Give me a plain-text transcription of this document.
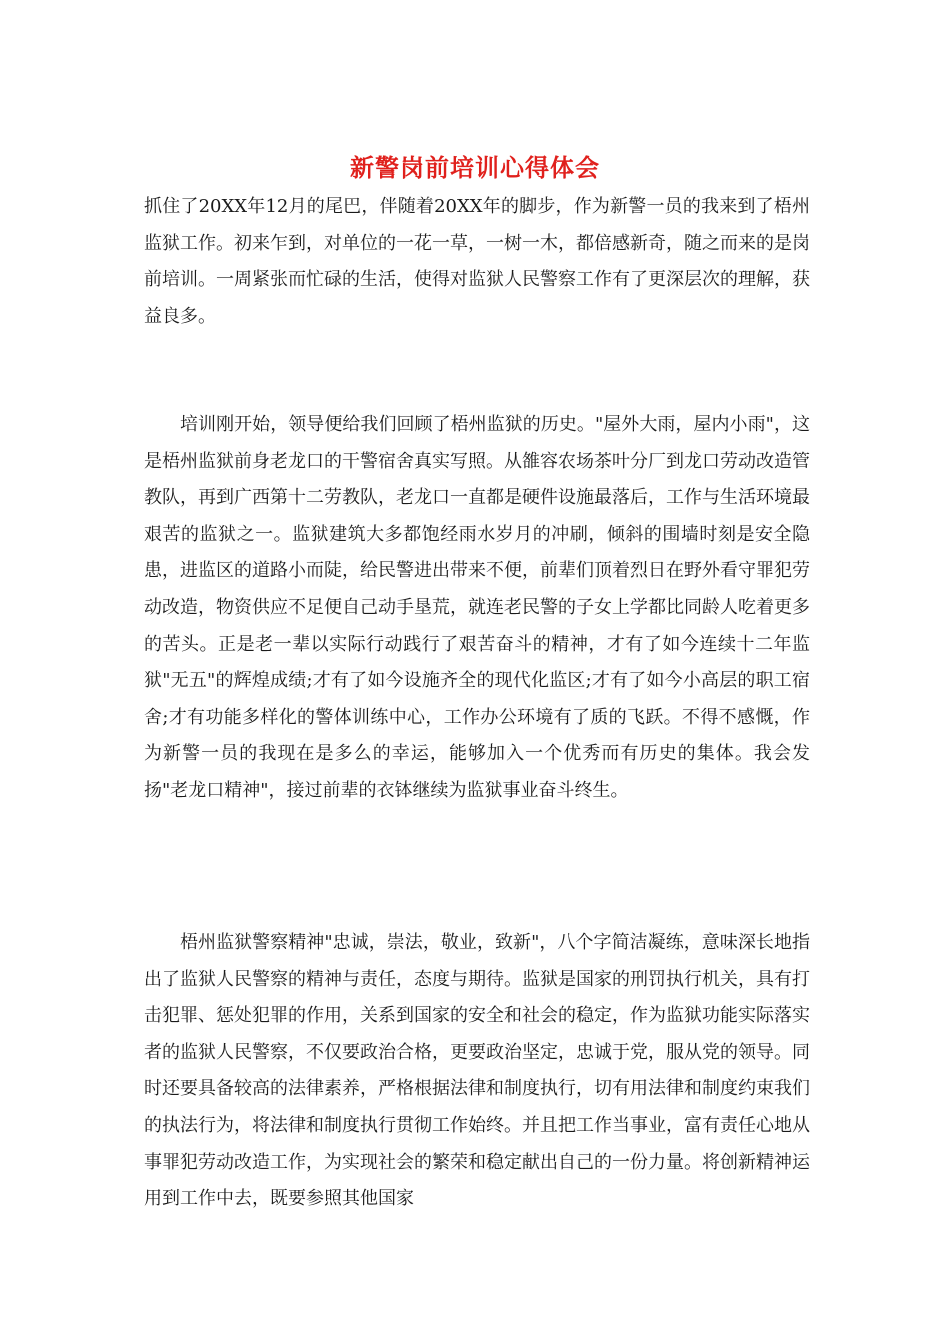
新警岗前培训心得体会

抓住了20XX年12月的尾巴，伴随着20XX年的脚步，作为新警一员的我来到了梧州监狱工作。初来乍到，对单位的一花一草，一树一木，都倍感新奇，随之而来的是岗前培训。一周紧张而忙碌的生活，使得对监狱人民警察工作有了更深层次的理解，获益良多。

培训刚开始，领导便给我们回顾了梧州监狱的历史。"屋外大雨，屋内小雨"，这是梧州监狱前身老龙口的干警宿舍真实写照。从雒容农场茶叶分厂到龙口劳动改造管教队，再到广西第十二劳教队，老龙口一直都是硬件设施最落后，工作与生活环境最艰苦的监狱之一。监狱建筑大多都饱经雨水岁月的冲刷，倾斜的围墙时刻是安全隐患，进监区的道路小而陡，给民警进出带来不便，前辈们顶着烈日在野外看守罪犯劳动改造，物资供应不足便自己动手垦荒，就连老民警的子女上学都比同龄人吃着更多的苦头。正是老一辈以实际行动践行了艰苦奋斗的精神，才有了如今连续十二年监狱"无五"的辉煌成绩;才有了如今设施齐全的现代化监区;才有了如今小高层的职工宿舍;才有功能多样化的警体训练中心，工作办公环境有了质的飞跃。不得不感慨，作为新警一员的我现在是多么的幸运，能够加入一个优秀而有历史的集体。我会发扬"老龙口精神"，接过前辈的衣钵继续为监狱事业奋斗终生。

梧州监狱警察精神"忠诚，崇法，敬业，致新"，八个字简洁凝练，意味深长地指出了监狱人民警察的精神与责任，态度与期待。监狱是国家的刑罚执行机关，具有打击犯罪、惩处犯罪的作用，关系到国家的安全和社会的稳定，作为监狱功能实际落实者的监狱人民警察，不仅要政治合格，更要政治坚定，忠诚于党，服从党的领导。同时还要具备较高的法律素养，严格根据法律和制度执行，切有用法律和制度约束我们的执法行为，将法律和制度执行贯彻工作始终。并且把工作当事业，富有责任心地从事罪犯劳动改造工作，为实现社会的繁荣和稳定献出自己的一份力量。将创新精神运用到工作中去，既要参照其他国家
